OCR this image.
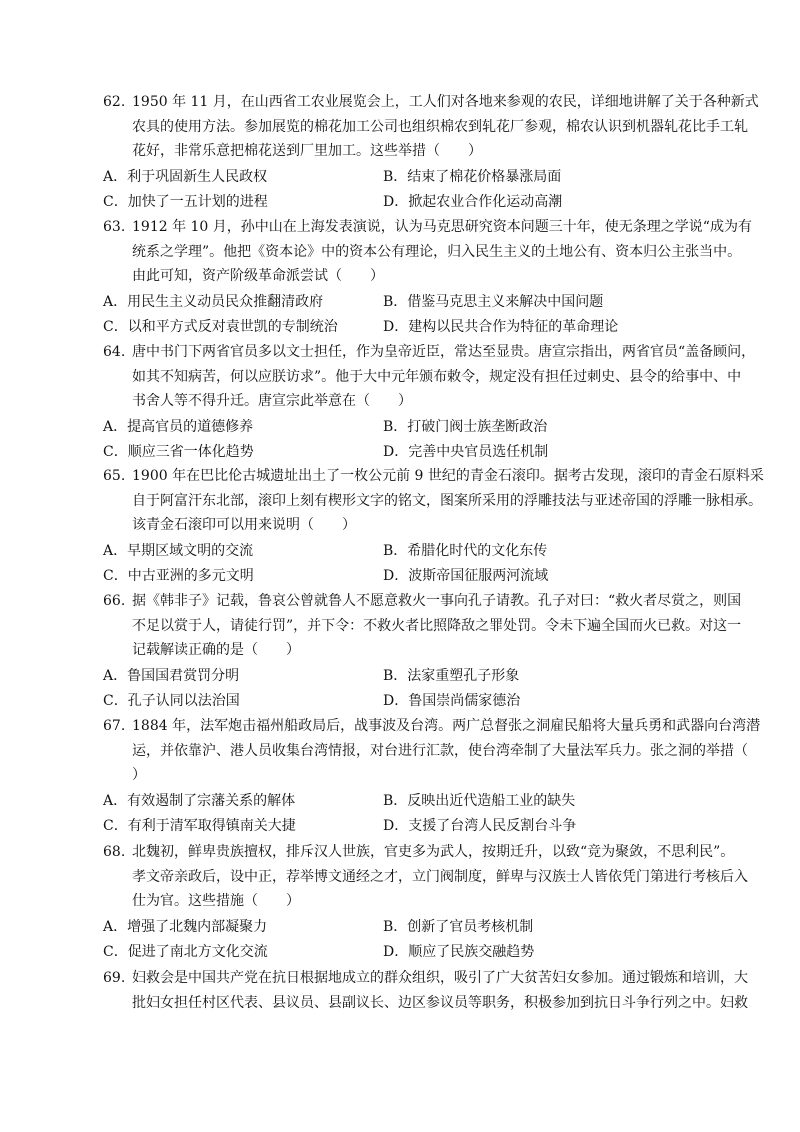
62. 1950 年 11 月，在山西省工农业展览会上，工人们对各地来参观的农民，详细地讲解了关于各种新式
农具的使用方法。参加展览的棉花加工公司也组织棉农到轧花厂参观，棉农认识到机器轧花比手工轧
花好，非常乐意把棉花送到厂里加工。这些举措（　　）
A．利于巩固新生人民政权	B．结束了棉花价格暴涨局面
C．加快了一五计划的进程	D．掀起农业合作化运动高潮
63. 1912 年 10 月，孙中山在上海发表演说，认为马克思研究资本问题三十年，使无条理之学说“成为有
统系之学理”。他把《资本论》中的资本公有理论，归入民生主义的土地公有、资本归公主张当中。
由此可知，资产阶级革命派尝试（　　）
A．用民生主义动员民众推翻清政府	B．借鉴马克思主义来解决中国问题
C．以和平方式反对袁世凯的专制统治	D．建构以民共合作为特征的革命理论
64. 唐中书门下两省官员多以文士担任，作为皇帝近臣，常达至显贵。唐宣宗指出，两省官员“盖备顾问，
如其不知病苦，何以应朕访求”。他于大中元年颁布敕令，规定没有担任过刺史、县令的给事中、中
书舍人等不得升迁。唐宣宗此举意在（　　）
A．提高官员的道德修养	B．打破门阀士族垄断政治
C．顺应三省一体化趋势	D．完善中央官员选任机制
65. 1900 年在巴比伦古城遗址出土了一枚公元前 9 世纪的青金石滚印。据考古发现，滚印的青金石原料采
自于阿富汗东北部，滚印上刻有楔形文字的铭文，图案所采用的浮雕技法与亚述帝国的浮雕一脉相承。
该青金石滚印可以用来说明（　　）
A．早期区域文明的交流	B．希腊化时代的文化东传
C．中古亚洲的多元文明	D．波斯帝国征服两河流域
66. 据《韩非子》记载，鲁哀公曾就鲁人不愿意救火一事向孔子请教。孔子对曰：“救火者尽赏之，则国
不足以赏于人，请徒行罚”，并下令：不救火者比照降敌之罪处罚。令未下遍全国而火已救。对这一
记载解读正确的是（　　）
A．鲁国国君赏罚分明	B．法家重塑孔子形象
C．孔子认同以法治国	D．鲁国崇尚儒家德治
67. 1884 年，法军炮击福州船政局后，战事波及台湾。两广总督张之洞雇民船将大量兵勇和武器向台湾潜
运，并依靠沪、港人员收集台湾情报，对台进行汇款，使台湾牵制了大量法军兵力。张之洞的举措（
）
A．有效遏制了宗藩关系的解体	B．反映出近代造船工业的缺失
C．有利于清军取得镇南关大捷	D．支援了台湾人民反割台斗争
68. 北魏初，鲜卑贵族擅权，排斥汉人世族，官吏多为武人，按期迁升，以致“竞为聚敛，不思利民”。
孝文帝亲政后，设中正，荐举博文通经之才，立门阀制度，鲜卑与汉族士人皆依凭门第进行考核后入
仕为官。这些措施（　　）
A．增强了北魏内部凝聚力	B．创新了官员考核机制
C．促进了南北方文化交流	D．顺应了民族交融趋势
69. 妇救会是中国共产党在抗日根据地成立的群众组织，吸引了广大贫苦妇女参加。通过锻炼和培训，大
批妇女担任村区代表、县议员、县副议长、边区参议员等职务，积极参加到抗日斗争行列之中。妇救
